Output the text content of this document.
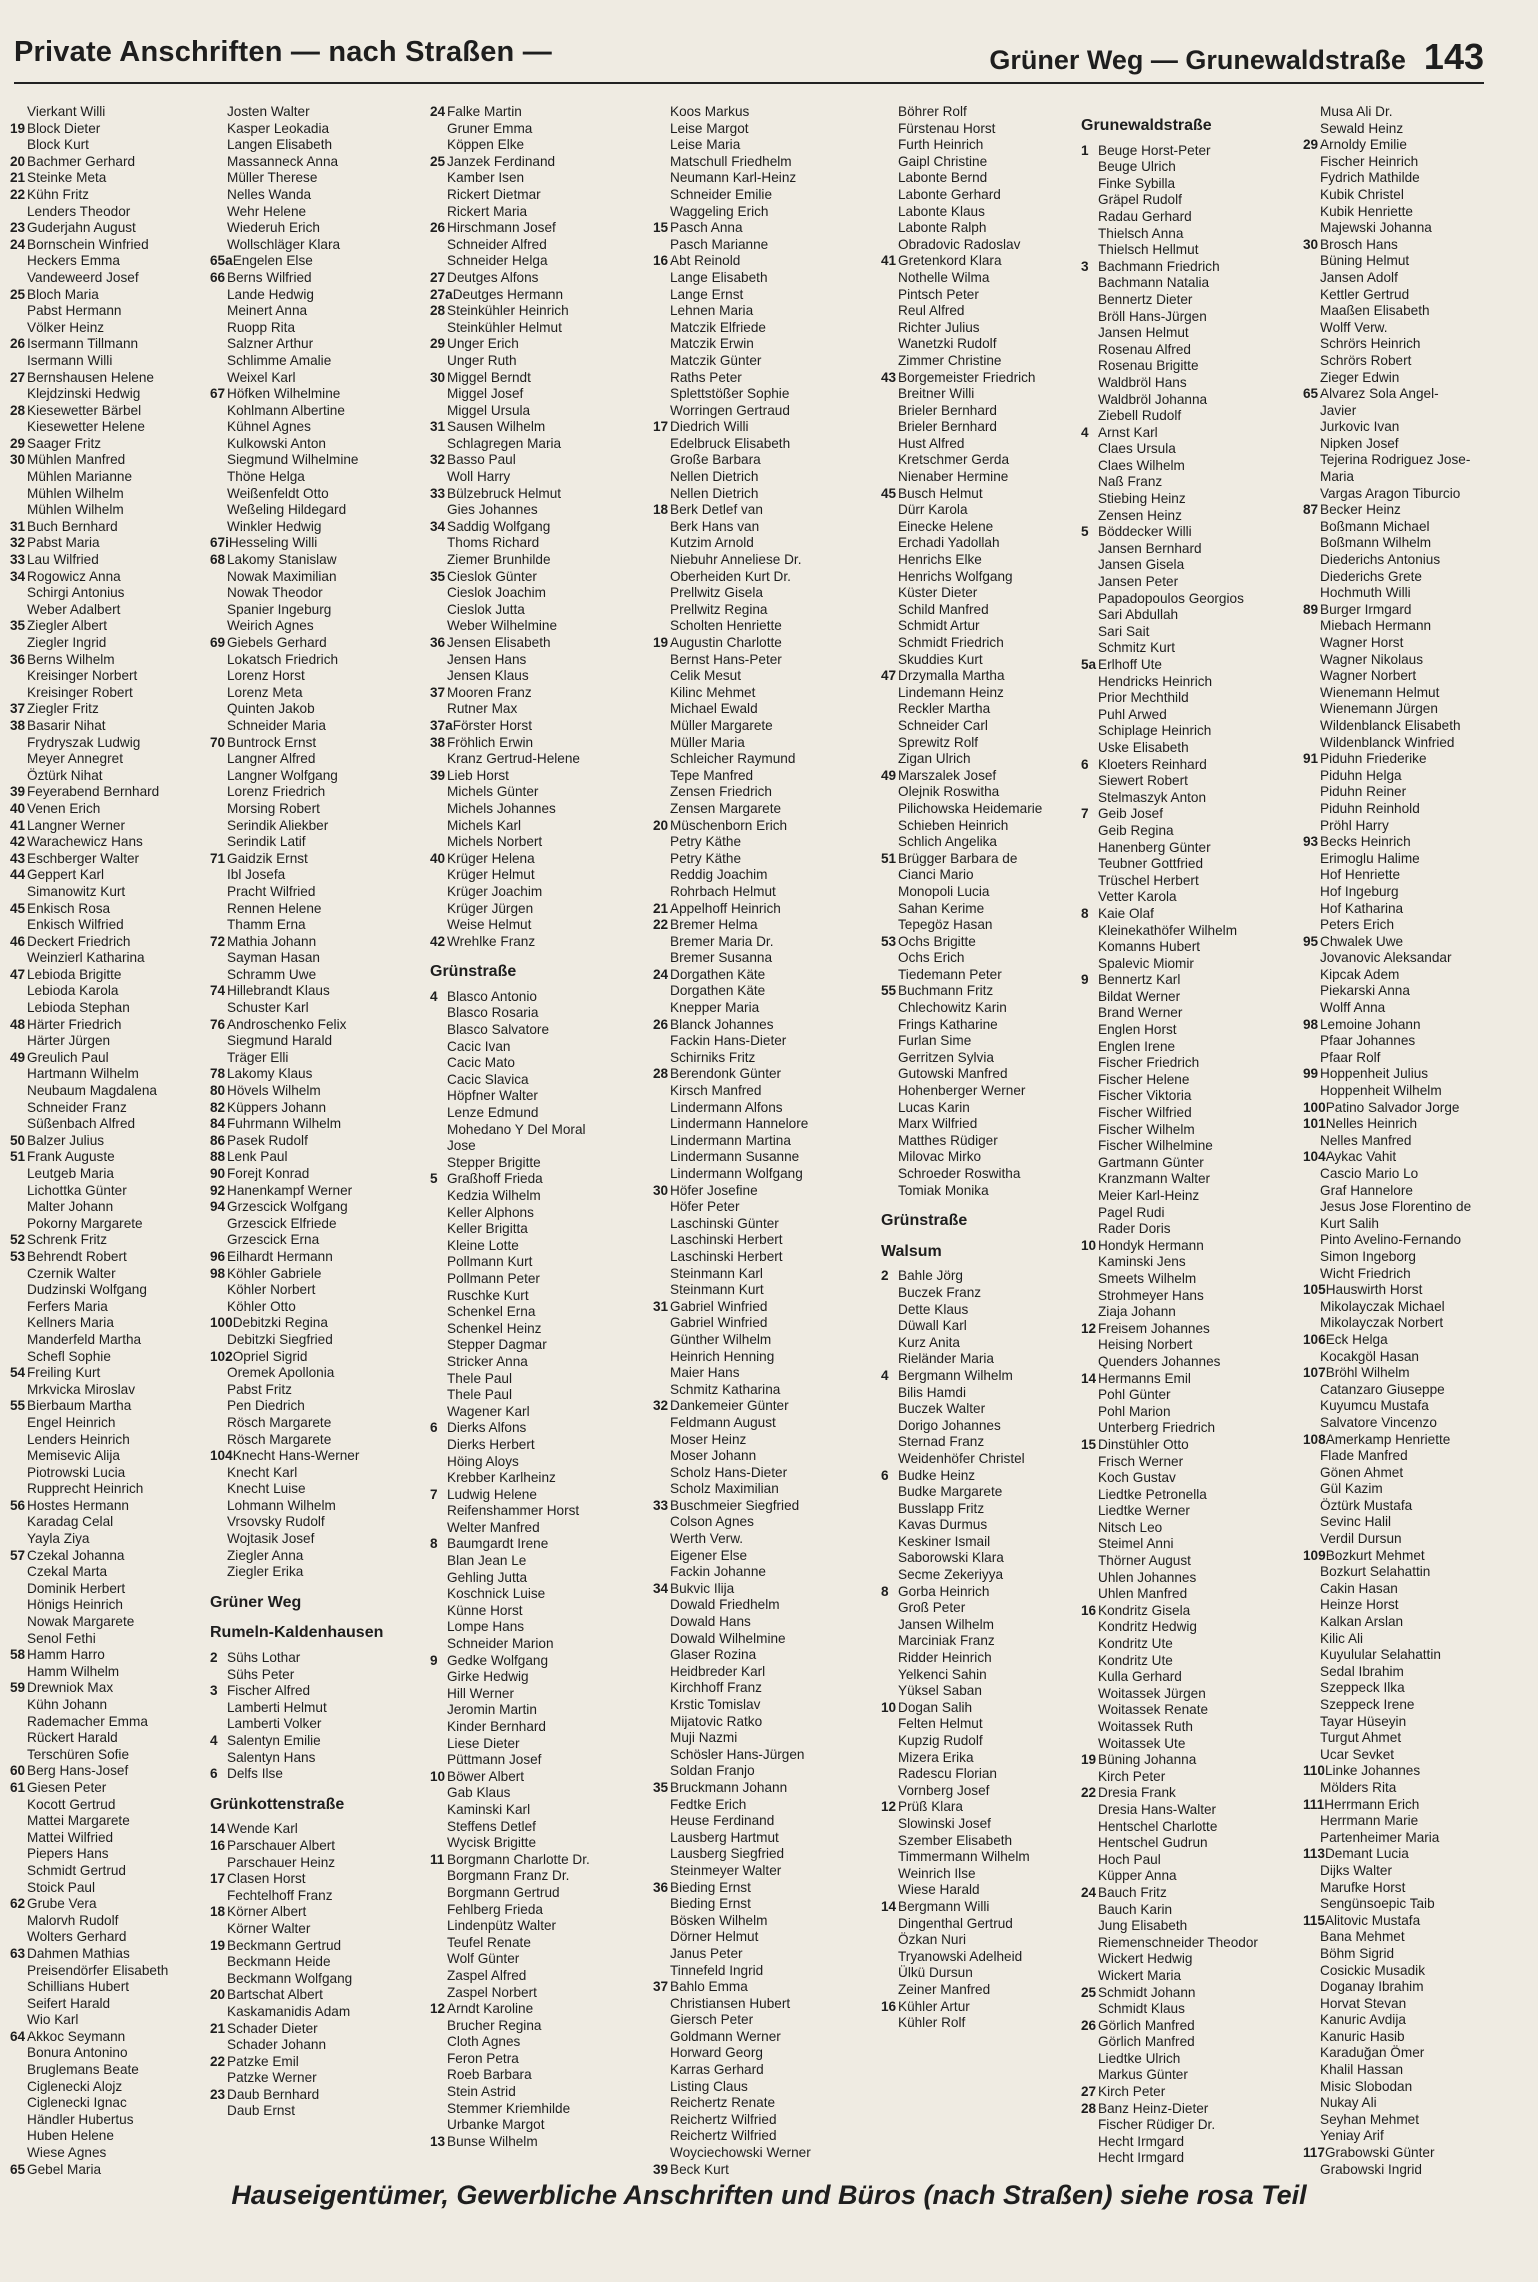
Private Anschriften — nach Straßen —	Grüner Weg — Grunewaldstraße 143
Vierkant Willi
19 Block Dieter
Block Kurt
20 Bachmer Gerhard
21 Steinke Meta
22 Kühn Fritz
Lenders Theodor
23 Guderjahn August
24 Bornschein Winfried
Heckers Emma
Vandeweerd Josef
25 Bloch Maria
Pabst Hermann
Völker Heinz
26 Isermann Tillmann
Isermann Willi
27 Bernshausen Helene
Klejdzinski Hedwig
28 Kiesewetter Bärbel
Kiesewetter Helene
29 Saager Fritz
30 Mühlen Manfred
Mühlen Marianne
Mühlen Wilhelm
Mühlen Wilhelm
31 Buch Bernhard
32 Pabst Maria
33 Lau Wilfried
34 Rogowicz Anna
Schirgi Antonius
Weber Adalbert
35 Ziegler Albert
Ziegler Ingrid
36 Berns Wilhelm
Kreisinger Norbert
Kreisinger Robert
37 Ziegler Fritz
38 Basarir Nihat
Frydryszak Ludwig
Meyer Annegret
Öztürk Nihat
39 Feyerabend Bernhard
40 Venen Erich
41 Langner Werner
42 Warachewicz Hans
43 Eschberger Walter
44 Geppert Karl
Simanowitz Kurt
45 Enkisch Rosa
Enkisch Wilfried
46 Deckert Friedrich
Weinzierl Katharina
47 Lebioda Brigitte
Lebioda Karola
Lebioda Stephan
48 Härter Friedrich
Härter Jürgen
49 Greulich Paul
Hartmann Wilhelm
Neubaum Magdalena
Schneider Franz
Süßenbach Alfred
50 Balzer Julius
51 Frank Auguste
Leutgeb Maria
Lichottka Günter
Malter Johann
Pokorny Margarete
52 Schrenk Fritz
53 Behrendt Robert
Czernik Walter
Dudzinski Wolfgang
Ferfers Maria
Kellners Maria
Manderfeld Martha
Schefl Sophie
54 Freiling Kurt
Mrkvicka Miroslav
55 Bierbaum Martha
Engel Heinrich
Lenders Heinrich
Memisevic Alija
Piotrowski Lucia
Rupprecht Heinrich
56 Hostes Hermann
Karadag Celal
Yayla Ziya
57 Czekal Johanna
Czekal Marta
Dominik Herbert
Hönigs Heinrich
Nowak Margarete
Senol Fethi
58 Hamm Harro
Hamm Wilhelm
59 Drewniok Max
Kühn Johann
Rademacher Emma
Rückert Harald
Terschüren Sofie
60 Berg Hans-Josef
61 Giesen Peter
Kocott Gertrud
Mattei Margarete
Mattei Wilfried
Piepers Hans
Schmidt Gertrud
Stoick Paul
62 Grube Vera
Malorvh Rudolf
Wolters Gerhard
63 Dahmen Mathias
Preisendörfer Elisabeth
Schillians Hubert
Seifert Harald
Wio Karl
64 Akkoc Seymann
Bonura Antonino
Bruglemans Beate
Ciglenecki Alojz
Ciglenecki Ignac
Händler Hubertus
Huben Helene
Wiese Agnes
65 Gebel Maria
Josten Walter
Kasper Leokadia
Langen Elisabeth
Massanneck Anna
Müller Therese
Nelles Wanda
Wehr Helene
Wiederuh Erich
Wollschläger Klara
65aEngelen Else
66 Berns Wilfried
Lande Hedwig
Meinert Anna
Ruopp Rita
Salzner Arthur
Schlimme Amalie
Weixel Karl
67 Höfken Wilhelmine
Kohlmann Albertine
Kühnel Agnes
Kulkowski Anton
Siegmund Wilhelmine
Thöne Helga
Weißenfeldt Otto
Weßeling Hildegard
Winkler Hedwig
67iHesseling Willi
68 Lakomy Stanislaw
Nowak Maximilian
Nowak Theodor
Spanier Ingeburg
Weirich Agnes
69 Giebels Gerhard
Lokatsch Friedrich
Lorenz Horst
Lorenz Meta
Quinten Jakob
Schneider Maria
70 Buntrock Ernst
Langner Alfred
Langner Wolfgang
Lorenz Friedrich
Morsing Robert
Serindik Aliekber
Serindik Latif
71 Gaidzik Ernst
Ibl Josefa
Pracht Wilfried
Rennen Helene
Thamm Erna
72 Mathia Johann
Sayman Hasan
Schramm Uwe
74 Hillebrandt Klaus
Schuster Karl
76 Androschenko Felix
Siegmund Harald
Träger Elli
78 Lakomy Klaus
80 Hövels Wilhelm
82 Küppers Johann
84 Fuhrmann Wilhelm
86 Pasek Rudolf
88 Lenk Paul
90 Forejt Konrad
92 Hanenkampf Werner
94 Grzescick Wolfgang
Grzescick Elfriede
Grzescick Erna
96 Eilhardt Hermann
98 Köhler Gabriele
Köhler Norbert
Köhler Otto
100Debitzki Regina
Debitzki Siegfried
102Opriel Sigrid
Oremek Apollonia
Pabst Fritz
Pen Diedrich
Rösch Margarete
Rösch Margarete
104Knecht Hans-Werner
Knecht Karl
Knecht Luise
Lohmann Wilhelm
Vrsovsky Rudolf
Wojtasik Josef
Ziegler Anna
Ziegler Erika
Grüner Weg
Rumeln-Kaldenhausen
2 Sühs Lothar
Sühs Peter
3 Fischer Alfred
Lamberti Helmut
Lamberti Volker
4 Salentyn Emilie
Salentyn Hans
6 Delfs Ilse
Grünkottenstraße
14 Wende Karl
16 Parschauer Albert
Parschauer Heinz
17 Clasen Horst
Fechtelhoff Franz
18 Körner Albert
Körner Walter
19 Beckmann Gertrud
Beckmann Heide
Beckmann Wolfgang
20 Bartschat Albert
Kaskamanidis Adam
21 Schader Dieter
Schader Johann
22 Patzke Emil
Patzke Werner
23 Daub Bernhard
Daub Ernst
24 Falke Martin
Gruner Emma
Köppen Elke
25 Janzek Ferdinand
Kamber Isen
Rickert Dietmar
Rickert Maria
26 Hirschmann Josef
Schneider Alfred
Schneider Helga
27 Deutges Alfons
27aDeutges Hermann
28 Steinkühler Heinrich
Steinkühler Helmut
29 Unger Erich
Unger Ruth
30 Miggel Berndt
Miggel Josef
Miggel Ursula
31 Sausen Wilhelm
Schlagregen Maria
32 Basso Paul
Woll Harry
33 Bülzebruck Helmut
Gies Johannes
34 Saddig Wolfgang
Thoms Richard
Ziemer Brunhilde
35 Cieslok Günter
Cieslok Joachim
Cieslok Jutta
Weber Wilhelmine
36 Jensen Elisabeth
Jensen Hans
Jensen Klaus
37 Mooren Franz
Rutner Max
37aFörster Horst
38 Fröhlich Erwin
Kranz Gertrud-Helene
39 Lieb Horst
Michels Günter
Michels Johannes
Michels Karl
Michels Norbert
40 Krüger Helena
Krüger Helmut
Krüger Joachim
Krüger Jürgen
Weise Helmut
42 Wrehlke Franz
Grünstraße
4 Blasco Antonio
Blasco Rosaria
Blasco Salvatore
Cacic Ivan
Cacic Mato
Cacic Slavica
Höpfner Walter
Lenze Edmund
Mohedano Y Del Moral
Jose
Stepper Brigitte
5 Graßhoff Frieda
Kedzia Wilhelm
Keller Alphons
Keller Brigitta
Kleine Lotte
Pollmann Kurt
Pollmann Peter
Ruschke Kurt
Schenkel Erna
Schenkel Heinz
Stepper Dagmar
Stricker Anna
Thele Paul
Thele Paul
Wagener Karl
6 Dierks Alfons
Dierks Herbert
Höing Aloys
Krebber Karlheinz
7 Ludwig Helene
Reifenshammer Horst
Welter Manfred
8 Baumgardt Irene
Blan Jean Le
Gehling Jutta
Koschnick Luise
Künne Horst
Lompe Hans
Schneider Marion
9 Gedke Wolfgang
Girke Hedwig
Hill Werner
Jeromin Martin
Kinder Bernhard
Liese Dieter
Püttmann Josef
10 Böwer Albert
Gab Klaus
Kaminski Karl
Steffens Detlef
Wycisk Brigitte
11 Borgmann Charlotte Dr.
Borgmann Franz Dr.
Borgmann Gertrud
Fehlberg Frieda
Lindenpütz Walter
Teufel Renate
Wolf Günter
Zaspel Alfred
Zaspel Norbert
12 Arndt Karoline
Brucher Regina
Cloth Agnes
Feron Petra
Roeb Barbara
Stein Astrid
Stemmer Kriemhilde
Urbanke Margot
13 Bunse Wilhelm
Koos Markus
Leise Margot
Leise Maria
Matschull Friedhelm
Neumann Karl-Heinz
Schneider Emilie
Waggeling Erich
15 Pasch Anna
Pasch Marianne
16 Abt Reinold
Lange Elisabeth
Lange Ernst
Lehnen Maria
Matczik Elfriede
Matczik Erwin
Matczik Günter
Raths Peter
Splettstößer Sophie
Worringen Gertraud
17 Diedrich Willi
Edelbruck Elisabeth
Große Barbara
Nellen Dietrich
Nellen Dietrich
18 Berk Detlef van
Berk Hans van
Kutzim Arnold
Niebuhr Anneliese Dr.
Oberheiden Kurt Dr.
Prellwitz Gisela
Prellwitz Regina
Scholten Henriette
19 Augustin Charlotte
Bernst Hans-Peter
Celik Mesut
Kilinc Mehmet
Michael Ewald
Müller Margarete
Müller Maria
Schleicher Raymund
Tepe Manfred
Zensen Friedrich
Zensen Margarete
20 Müschenborn Erich
Petry Käthe
Petry Käthe
Reddig Joachim
Rohrbach Helmut
21 Appelhoff Heinrich
22 Bremer Helma
Bremer Maria Dr.
Bremer Susanna
24 Dorgathen Käte
Dorgathen Käte
Knepper Maria
26 Blanck Johannes
Fackin Hans-Dieter
Schirniks Fritz
28 Berendonk Günter
Kirsch Manfred
Lindermann Alfons
Lindermann Hannelore
Lindermann Martina
Lindermann Susanne
Lindermann Wolfgang
30 Höfer Josefine
Höfer Peter
Laschinski Günter
Laschinski Herbert
Laschinski Herbert
Steinmann Karl
Steinmann Kurt
31 Gabriel Winfried
Gabriel Winfried
Günther Wilhelm
Heinrich Henning
Maier Hans
Schmitz Katharina
32 Dankemeier Günter
Feldmann August
Moser Heinz
Moser Johann
Scholz Hans-Dieter
Scholz Maximilian
33 Buschmeier Siegfried
Colson Agnes
Werth Verw.
Eigener Else
Fackin Johanne
34 Bukvic Ilija
Dowald Friedhelm
Dowald Hans
Dowald Wilhelmine
Glaser Rozina
Heidbreder Karl
Kirchhoff Franz
Krstic Tomislav
Mijatovic Ratko
Muji Nazmi
Schösler Hans-Jürgen
Soldan Franjo
35 Bruckmann Johann
Fedtke Erich
Heuse Ferdinand
Lausberg Hartmut
Lausberg Siegfried
Steinmeyer Walter
36 Bieding Ernst
Bieding Ernst
Bösken Wilhelm
Dörner Helmut
Janus Peter
Tinnefeld Ingrid
37 Bahlo Emma
Christiansen Hubert
Giersch Peter
Goldmann Werner
Horward Georg
Karras Gerhard
Listing Claus
Reichertz Renate
Reichertz Wilfried
Reichertz Wilfried
Woyciechowski Werner
39 Beck Kurt
Böhrer Rolf
Fürstenau Horst
Furth Heinrich
Gaipl Christine
Labonte Bernd
Labonte Gerhard
Labonte Klaus
Labonte Ralph
Obradovic Radoslav
41 Gretenkord Klara
Nothelle Wilma
Pintsch Peter
Reul Alfred
Richter Julius
Wanetzki Rudolf
Zimmer Christine
43 Borgemeister Friedrich
Breitner Willi
Brieler Bernhard
Brieler Bernhard
Hust Alfred
Kretschmer Gerda
Nienaber Hermine
45 Busch Helmut
Dürr Karola
Einecke Helene
Erchadi Yadollah
Henrichs Elke
Henrichs Wolfgang
Küster Dieter
Schild Manfred
Schmidt Artur
Schmidt Friedrich
Skuddies Kurt
47 Drzymalla Martha
Lindemann Heinz
Reckler Martha
Schneider Carl
Sprewitz Rolf
Zigan Ulrich
49 Marszalek Josef
Olejnik Roswitha
Pilichowska Heidemarie
Schieben Heinrich
Schlich Angelika
51 Brügger Barbara de
Cianci Mario
Monopoli Lucia
Sahan Kerime
Tepegöz Hasan
53 Ochs Brigitte
Ochs Erich
Tiedemann Peter
55 Buchmann Fritz
Chlechowitz Karin
Frings Katharine
Furlan Sime
Gerritzen Sylvia
Gutowski Manfred
Hohenberger Werner
Lucas Karin
Marx Wilfried
Matthes Rüdiger
Milovac Mirko
Schroeder Roswitha
Tomiak Monika
Grünstraße
Walsum
2 Bahle Jörg
Buczek Franz
Dette Klaus
Düwall Karl
Kurz Anita
Rieländer Maria
4 Bergmann Wilhelm
Bilis Hamdi
Buczek Walter
Dorigo Johannes
Sternad Franz
Weidenhöfer Christel
6 Budke Heinz
Budke Margarete
Busslapp Fritz
Kavas Durmus
Keskiner Ismail
Saborowski Klara
Secme Zekeriyya
8 Gorba Heinrich
Groß Peter
Jansen Wilhelm
Marciniak Franz
Ridder Heinrich
Yelkenci Sahin
Yüksel Saban
10 Dogan Salih
Felten Helmut
Kupzig Rudolf
Mizera Erika
Radescu Florian
Vornberg Josef
12 Prüß Klara
Slowinski Josef
Szember Elisabeth
Timmermann Wilhelm
Weinrich Ilse
Wiese Harald
14 Bergmann Willi
Dingenthal Gertrud
Özkan Nuri
Tryanowski Adelheid
Ülkü Dursun
Zeiner Manfred
16 Kühler Artur
Kühler Rolf
Grunewaldstraße
1 Beuge Horst-Peter
Beuge Ulrich
Finke Sybilla
Gräpel Rudolf
Radau Gerhard
Thielsch Anna
Thielsch Hellmut
3 Bachmann Friedrich
Bachmann Natalia
Bennertz Dieter
Bröll Hans-Jürgen
Jansen Helmut
Rosenau Alfred
Rosenau Brigitte
Waldbröl Hans
Waldbröl Johanna
Ziebell Rudolf
4 Arnst Karl
Claes Ursula
Claes Wilhelm
Naß Franz
Stiebing Heinz
Zensen Heinz
5 Böddecker Willi
Jansen Bernhard
Jansen Gisela
Jansen Peter
Papadopoulos Georgios
Sari Abdullah
Sari Sait
Schmitz Kurt
5a Erlhoff Ute
Hendricks Heinrich
Prior Mechthild
Puhl Arwed
Schiplage Heinrich
Uske Elisabeth
6 Kloeters Reinhard
Siewert Robert
Stelmaszyk Anton
7 Geib Josef
Geib Regina
Hanenberg Günter
Teubner Gottfried
Trüschel Herbert
Vetter Karola
8 Kaie Olaf
Kleinekathöfer Wilhelm
Komanns Hubert
Spalevic Miomir
9 Bennertz Karl
Bildat Werner
Brand Werner
Englen Horst
Englen Irene
Fischer Friedrich
Fischer Helene
Fischer Viktoria
Fischer Wilfried
Fischer Wilhelm
Fischer Wilhelmine
Gartmann Günter
Kranzmann Walter
Meier Karl-Heinz
Pagel Rudi
Rader Doris
10 Hondyk Hermann
Kaminski Jens
Smeets Wilhelm
Strohmeyer Hans
Ziaja Johann
12 Freisem Johannes
Heising Norbert
Quenders Johannes
14 Hermanns Emil
Pohl Günter
Pohl Marion
Unterberg Friedrich
15 Dinstühler Otto
Frisch Werner
Koch Gustav
Liedtke Petronella
Liedtke Werner
Nitsch Leo
Steimel Anni
Thörner August
Uhlen Johannes
Uhlen Manfred
16 Kondritz Gisela
Kondritz Hedwig
Kondritz Ute
Kondritz Ute
Kulla Gerhard
Woitassek Jürgen
Woitassek Renate
Woitassek Ruth
Woitassek Ute
19 Büning Johanna
Kirch Peter
22 Dresia Frank
Dresia Hans-Walter
Hentschel Charlotte
Hentschel Gudrun
Hoch Paul
Küpper Anna
24 Bauch Fritz
Bauch Karin
Jung Elisabeth
Riemenschneider Theodor
Wickert Hedwig
Wickert Maria
25 Schmidt Johann
Schmidt Klaus
26 Görlich Manfred
Görlich Manfred
Liedtke Ulrich
Markus Günter
27 Kirch Peter
28 Banz Heinz-Dieter
Fischer Rüdiger Dr.
Hecht Irmgard
Hecht Irmgard
Musa Ali Dr.
Sewald Heinz
29 Arnoldy Emilie
Fischer Heinrich
Fydrich Mathilde
Kubik Christel
Kubik Henriette
Majewski Johanna
30 Brosch Hans
Büning Helmut
Jansen Adolf
Kettler Gertrud
Maaßen Elisabeth
Wolff Verw.
Schrörs Heinrich
Schrörs Robert
Zieger Edwin
65 Alvarez Sola Angel-
Javier
Jurkovic Ivan
Nipken Josef
Tejerina Rodriguez Jose-
Maria
Vargas Aragon Tiburcio
87 Becker Heinz
Boßmann Michael
Boßmann Wilhelm
Diederichs Antonius
Diederichs Grete
Hochmuth Willi
89 Burger Irmgard
Miebach Hermann
Wagner Horst
Wagner Nikolaus
Wagner Norbert
Wienemann Helmut
Wienemann Jürgen
Wildenblanck Elisabeth
Wildenblanck Winfried
91 Piduhn Friederike
Piduhn Helga
Piduhn Reiner
Piduhn Reinhold
Pröhl Harry
93 Becks Heinrich
Erimoglu Halime
Hof Henriette
Hof Ingeburg
Hof Katharina
Peters Erich
95 Chwalek Uwe
Jovanovic Aleksandar
Kipcak Adem
Piekarski Anna
Wolff Anna
98 Lemoine Johann
Pfaar Johannes
Pfaar Rolf
99 Hoppenheit Julius
Hoppenheit Wilhelm
100Patino Salvador Jorge
101Nelles Heinrich
Nelles Manfred
104Aykac Vahit
Cascio Mario Lo
Graf Hannelore
Jesus Jose Florentino de
Kurt Salih
Pinto Avelino-Fernando
Simon Ingeborg
Wicht Friedrich
105Hauswirth Horst
Mikolayczak Michael
Mikolayczak Norbert
106Eck Helga
Kocakgöl Hasan
107Bröhl Wilhelm
Catanzaro Giuseppe
Kuyumcu Mustafa
Salvatore Vincenzo
108Amerkamp Henriette
Flade Manfred
Gönen Ahmet
Gül Kazim
Öztürk Mustafa
Sevinc Halil
Verdil Dursun
109Bozkurt Mehmet
Bozkurt Selahattin
Cakin Hasan
Heinze Horst
Kalkan Arslan
Kilic Ali
Kuyulular Selahattin
Sedal Ibrahim
Szeppeck Ilka
Szeppeck Irene
Tayar Hüseyin
Turgut Ahmet
Ucar Sevket
110Linke Johannes
Mölders Rita
111Herrmann Erich
Herrmann Marie
Partenheimer Maria
113Demant Lucia
Dijks Walter
Marufke Horst
Sengünsoepic Taib
115Alitovic Mustafa
Bana Mehmet
Böhm Sigrid
Cosickic Musadik
Doganay Ibrahim
Horvat Stevan
Kanuric Avdija
Kanuric Hasib
Karaduğan Ömer
Khalil Hassan
Misic Slobodan
Nukay Ali
Seyhan Mehmet
Yeniay Arif
117Grabowski Günter
Grabowski Ingrid
Hauseigentümer, Gewerbliche Anschriften und Büros (nach Straßen) siehe rosa Teil
